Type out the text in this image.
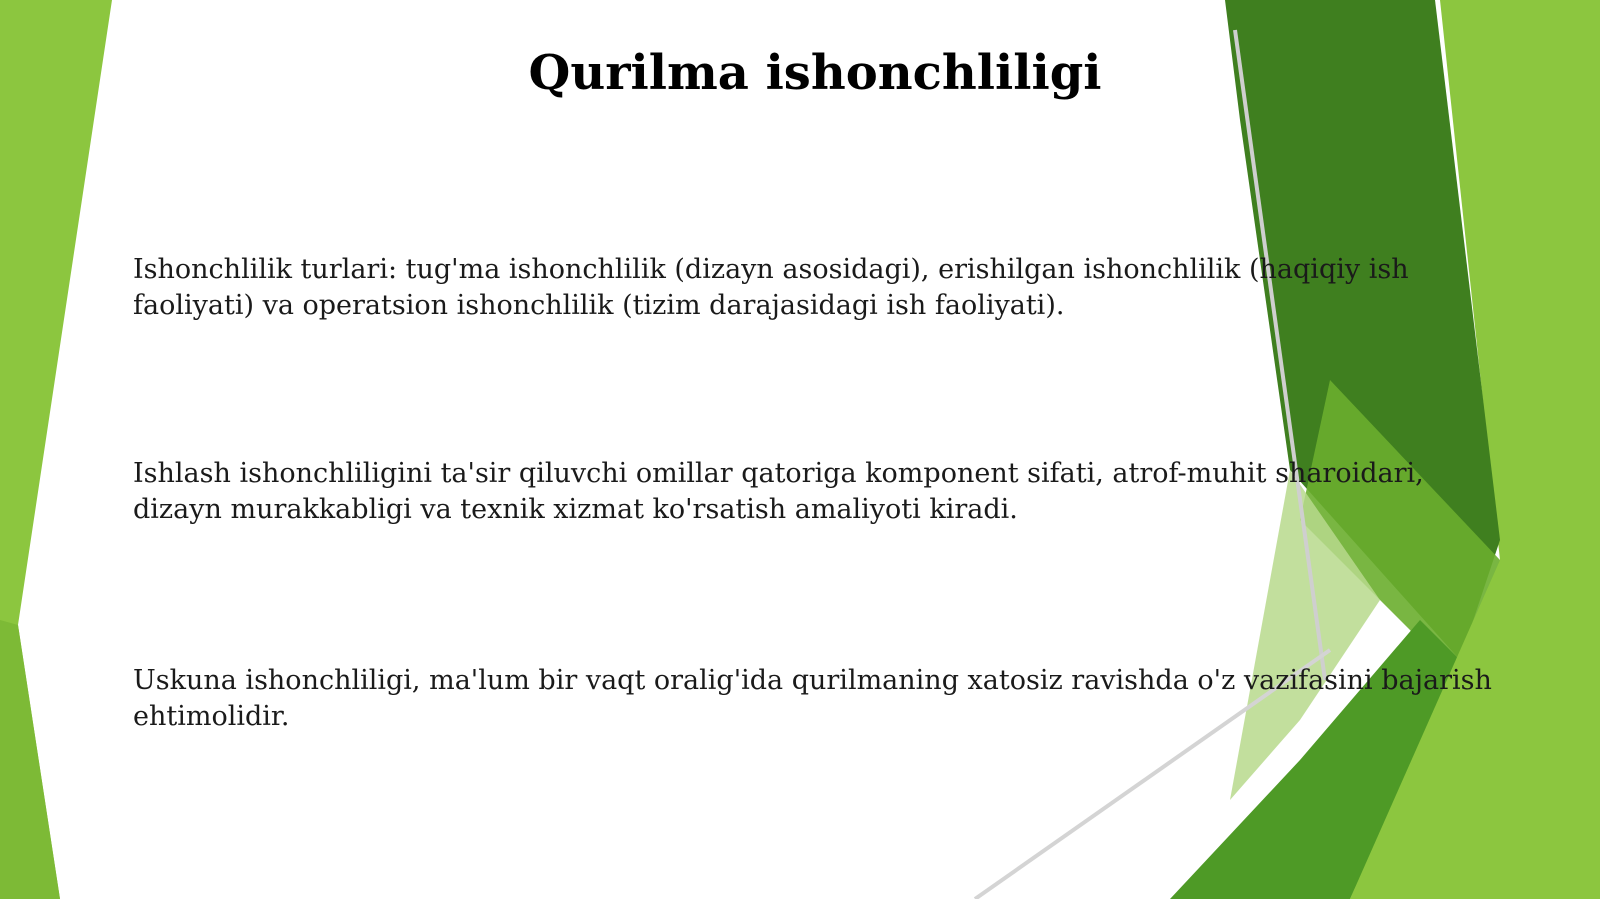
Qurilma ishonchliligi

Ishonchlilik turlari: tug'ma ishonchlilik (dizayn asosidagi), erishilgan ishonchlilik (haqiqiy ish faoliyati) va operatsion ishonchlilik (tizim darajasidagi ish faoliyati).

Ishlash ishonchliligini ta'sir qiluvchi omillar qatoriga komponent sifati, atrof-muhit sharoidari, dizayn murakkabligi va texnik xizmat ko'rsatish amaliyoti kiradi.

Uskuna ishonchliligi, ma'lum bir vaqt oralig'ida qurilmaning xatosiz ravishda o'z vazifasini bajarish ehtimolidir.
